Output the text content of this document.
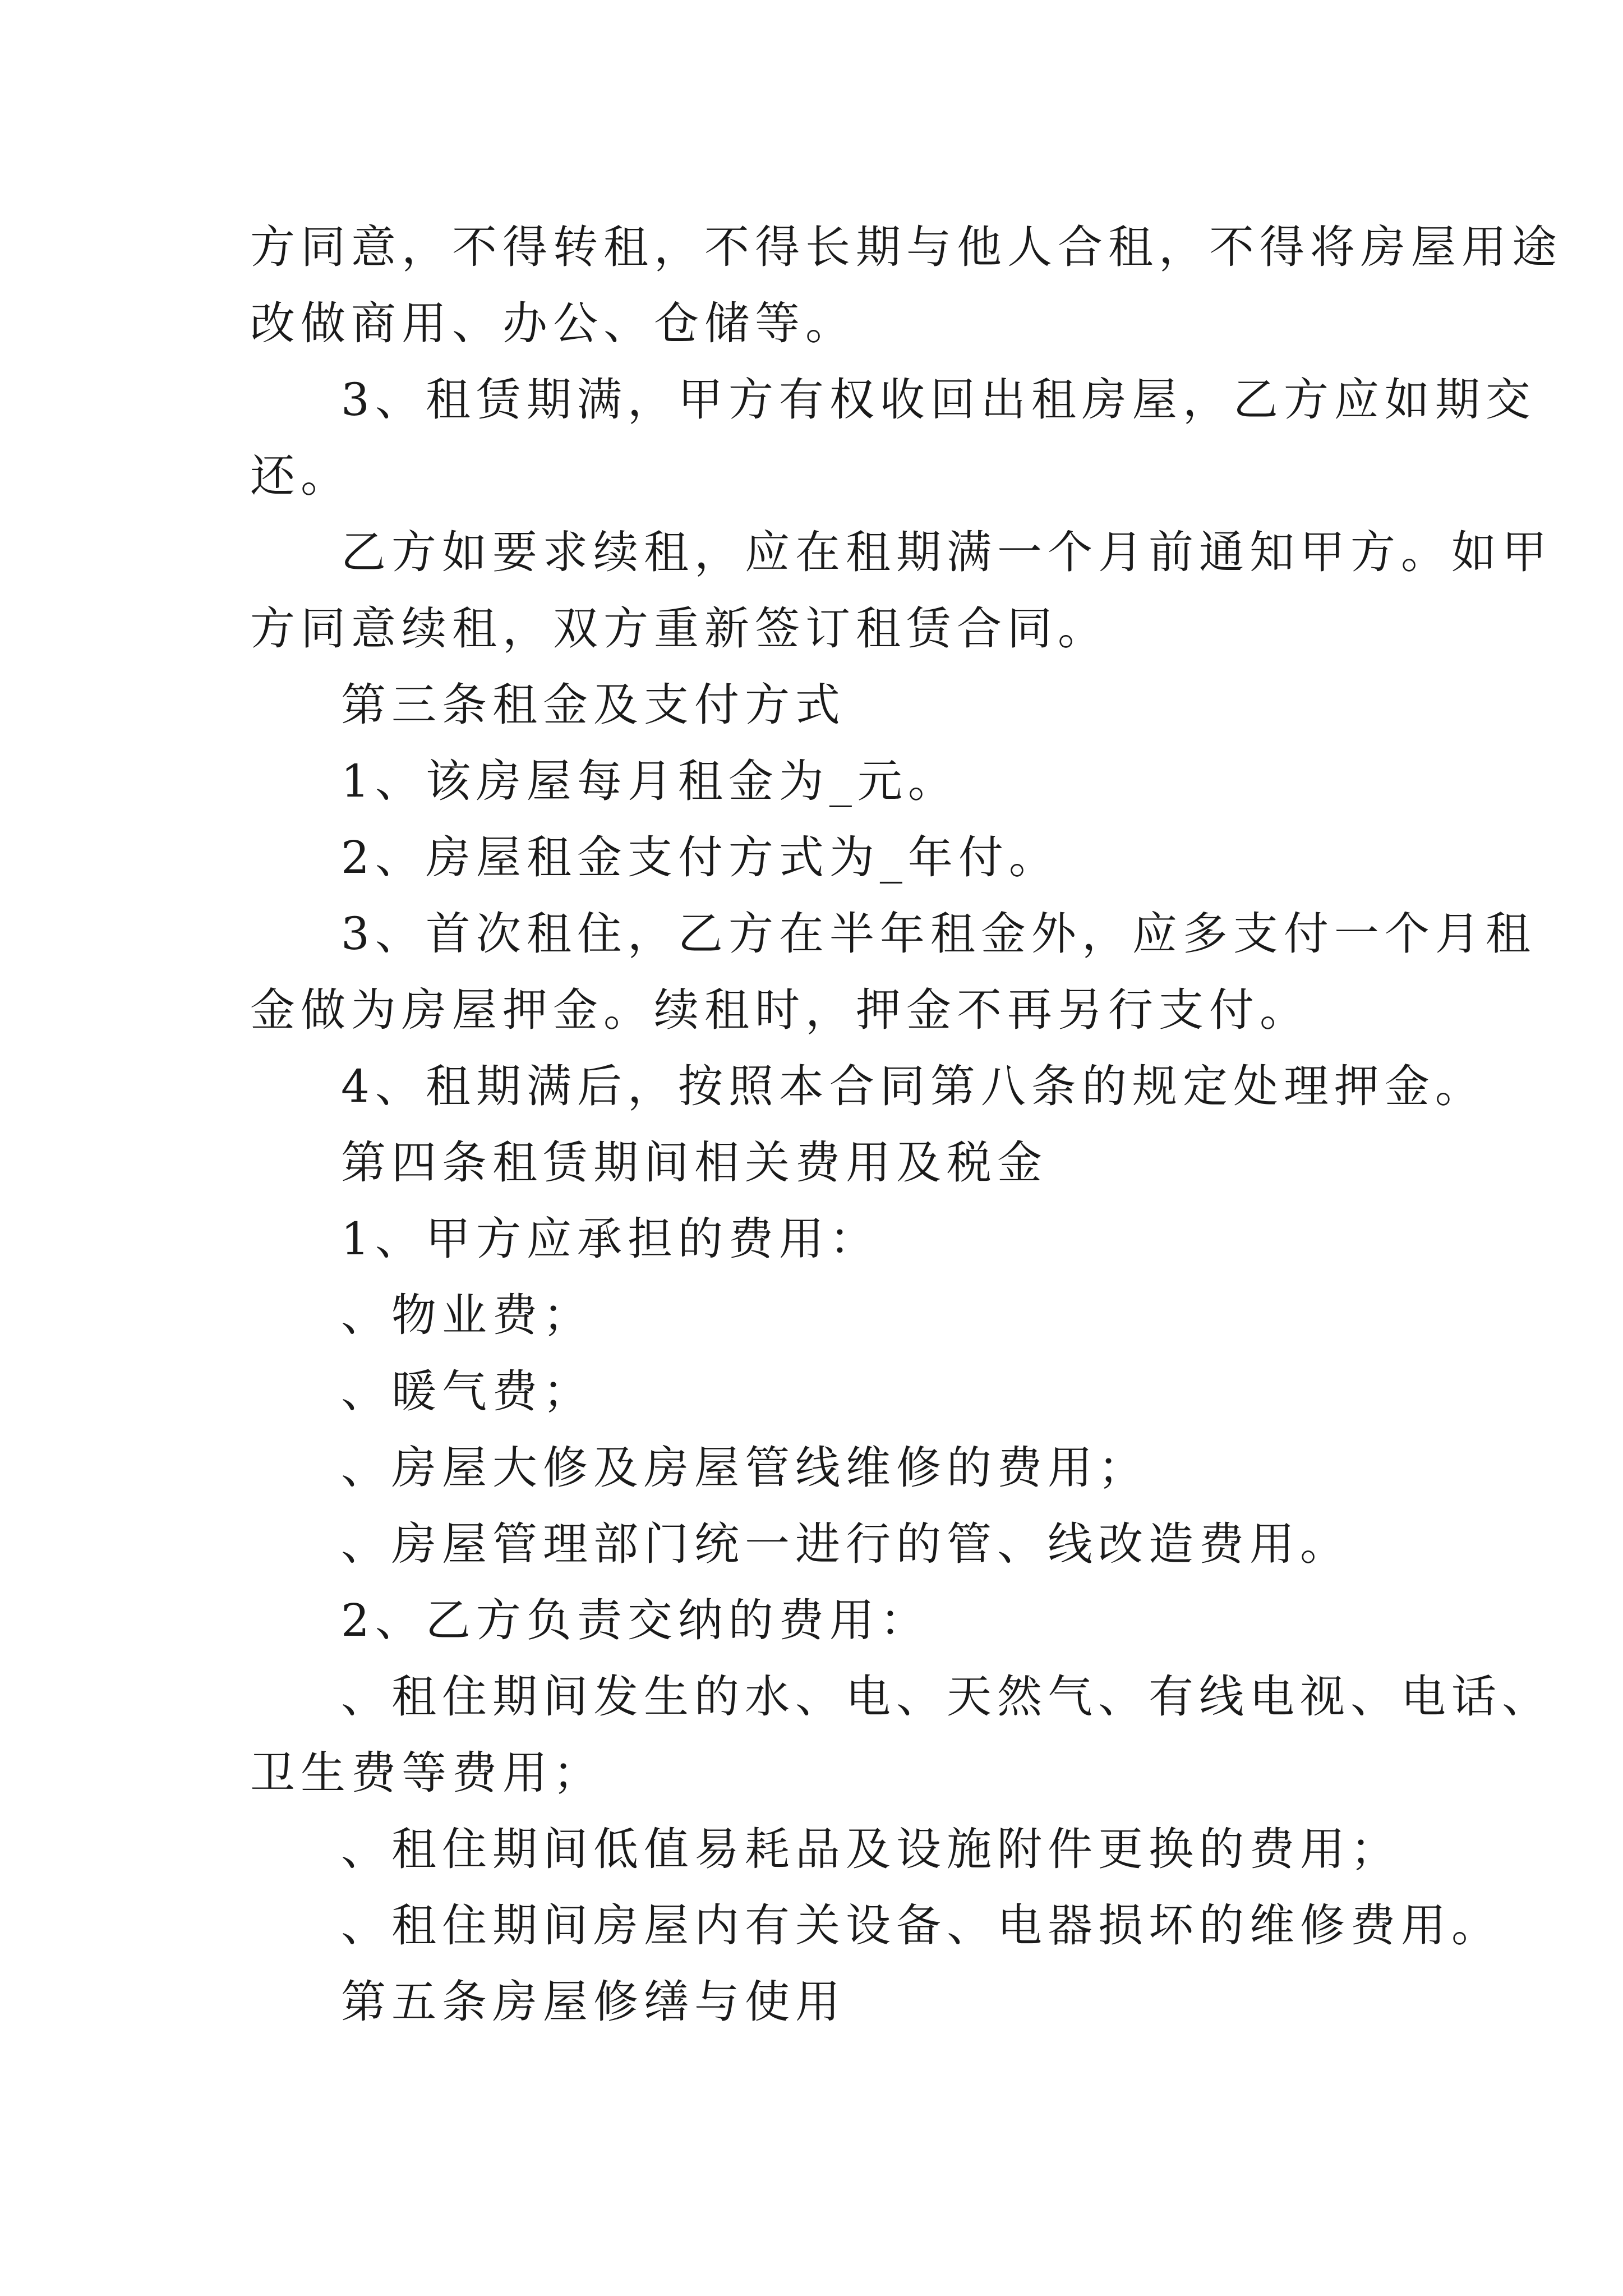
方同意，不得转租，不得长期与他人合租，不得将房屋用途
改做商用、办公、仓储等。
3、租赁期满，甲方有权收回出租房屋，乙方应如期交
还。
乙方如要求续租，应在租期满一个月前通知甲方。如甲
方同意续租，双方重新签订租赁合同。
第三条租金及支付方式
1、该房屋每月租金为_元。
2、房屋租金支付方式为_年付。
3、首次租住，乙方在半年租金外，应多支付一个月租
金做为房屋押金。续租时，押金不再另行支付。
4、租期满后，按照本合同第八条的规定处理押金。
第四条租赁期间相关费用及税金
1、甲方应承担的费用：
、物业费；
、暖气费；
、房屋大修及房屋管线维修的费用；
、房屋管理部门统一进行的管、线改造费用。
2、乙方负责交纳的费用：
、租住期间发生的水、电、天然气、有线电视、电话、
卫生费等费用；
、租住期间低值易耗品及设施附件更换的费用；
、租住期间房屋内有关设备、电器损坏的维修费用。
第五条房屋修缮与使用
